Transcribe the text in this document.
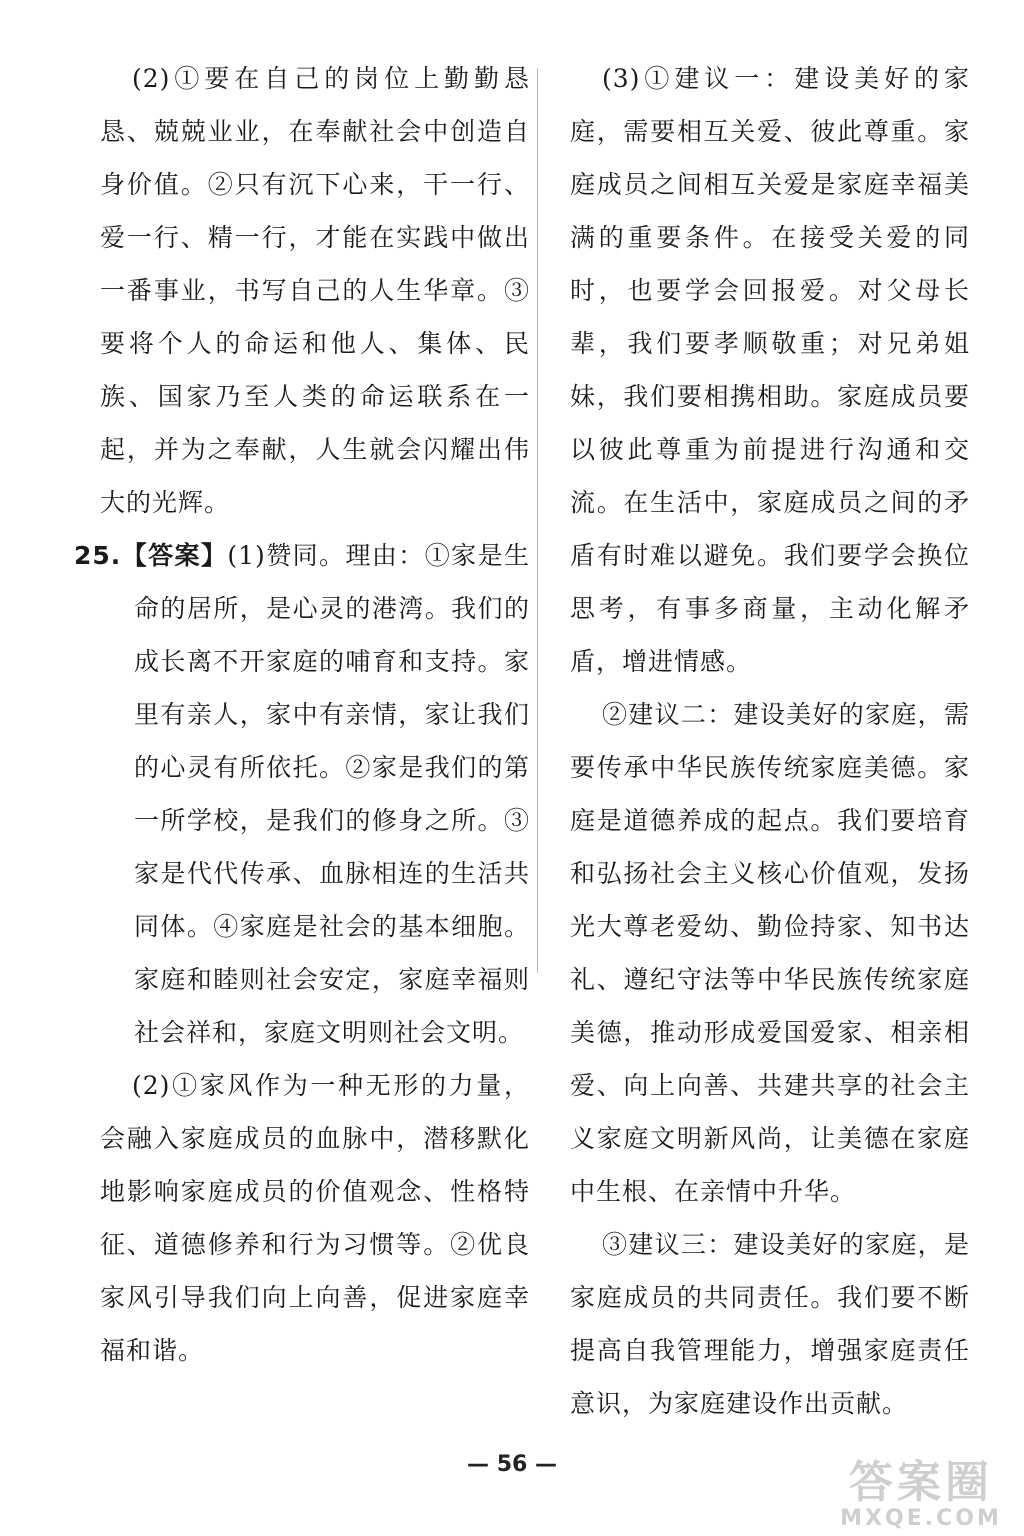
(2)①要在自己的岗位上勤勤恳恳、兢兢业业，在奉献社会中创造自身价值。②只有沉下心来，干一行、爱一行、精一行，才能在实践中做出一番事业，书写自己的人生华章。③要将个人的命运和他人、集体、民族、国家乃至人类的命运联系在一起，并为之奉献，人生就会闪耀出伟大的光辉。

25.【答案】(1)赞同。理由：①家是生命的居所，是心灵的港湾。我们的成长离不开家庭的哺育和支持。家里有亲人，家中有亲情，家让我们的心灵有所依托。②家是我们的第一所学校，是我们的修身之所。③家是代代传承、血脉相连的生活共同体。④家庭是社会的基本细胞。家庭和睦则社会安定，家庭幸福则社会祥和，家庭文明则社会文明。

(2)①家风作为一种无形的力量，会融入家庭成员的血脉中，潜移默化地影响家庭成员的价值观念、性格特征、道德修养和行为习惯等。②优良家风引导我们向上向善，促进家庭幸福和谐。

(3)①建议一：建设美好的家庭，需要相互关爱、彼此尊重。家庭成员之间相互关爱是家庭幸福美满的重要条件。在接受关爱的同时，也要学会回报爱。对父母长辈，我们要孝顺敬重；对兄弟姐妹，我们要相携相助。家庭成员要以彼此尊重为前提进行沟通和交流。在生活中，家庭成员之间的矛盾有时难以避免。我们要学会换位思考，有事多商量，主动化解矛盾，增进情感。

②建议二：建设美好的家庭，需要传承中华民族传统家庭美德。家庭是道德养成的起点。我们要培育和弘扬社会主义核心价值观，发扬光大尊老爱幼、勤俭持家、知书达礼、遵纪守法等中华民族传统家庭美德，推动形成爱国爱家、相亲相爱、向上向善、共建共享的社会主义家庭文明新风尚，让美德在家庭中生根、在亲情中升华。

③建议三：建设美好的家庭，是家庭成员的共同责任。我们要不断提高自我管理能力，增强家庭责任意识，为家庭建设作出贡献。

— 56 —	答案圈
MXQE.COM
